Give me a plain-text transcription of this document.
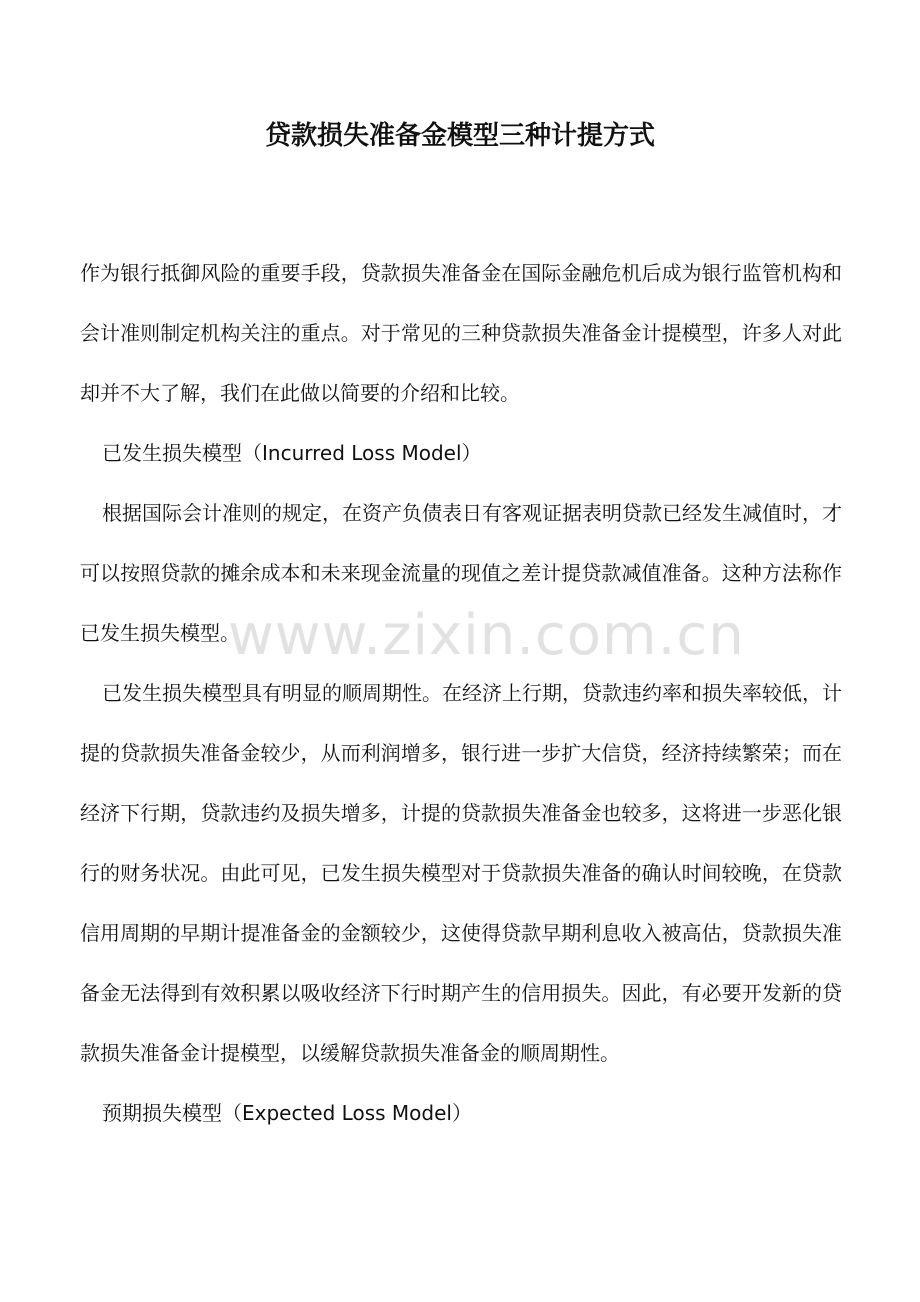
贷款损失准备金模型三种计提方式

作为银行抵御风险的重要手段，贷款损失准备金在国际金融危机后成为银行监管机构和会计准则制定机构关注的重点。对于常见的三种贷款损失准备金计提模型，许多人对此却并不大了解，我们在此做以简要的介绍和比较。

已发生损失模型（Incurred Loss Model）

根据国际会计准则的规定，在资产负债表日有客观证据表明贷款已经发生减值时，才可以按照贷款的摊余成本和未来现金流量的现值之差计提贷款减值准备。这种方法称作已发生损失模型。

已发生损失模型具有明显的顺周期性。在经济上行期，贷款违约率和损失率较低，计提的贷款损失准备金较少，从而利润增多，银行进一步扩大信贷，经济持续繁荣；而在经济下行期，贷款违约及损失增多，计提的贷款损失准备金也较多，这将进一步恶化银行的财务状况。由此可见，已发生损失模型对于贷款损失准备的确认时间较晚，在贷款信用周期的早期计提准备金的金额较少，这使得贷款早期利息收入被高估，贷款损失准备金无法得到有效积累以吸收经济下行时期产生的信用损失。因此，有必要开发新的贷款损失准备金计提模型，以缓解贷款损失准备金的顺周期性。

预期损失模型（Expected Loss Model）

www.zixin.com.cn
